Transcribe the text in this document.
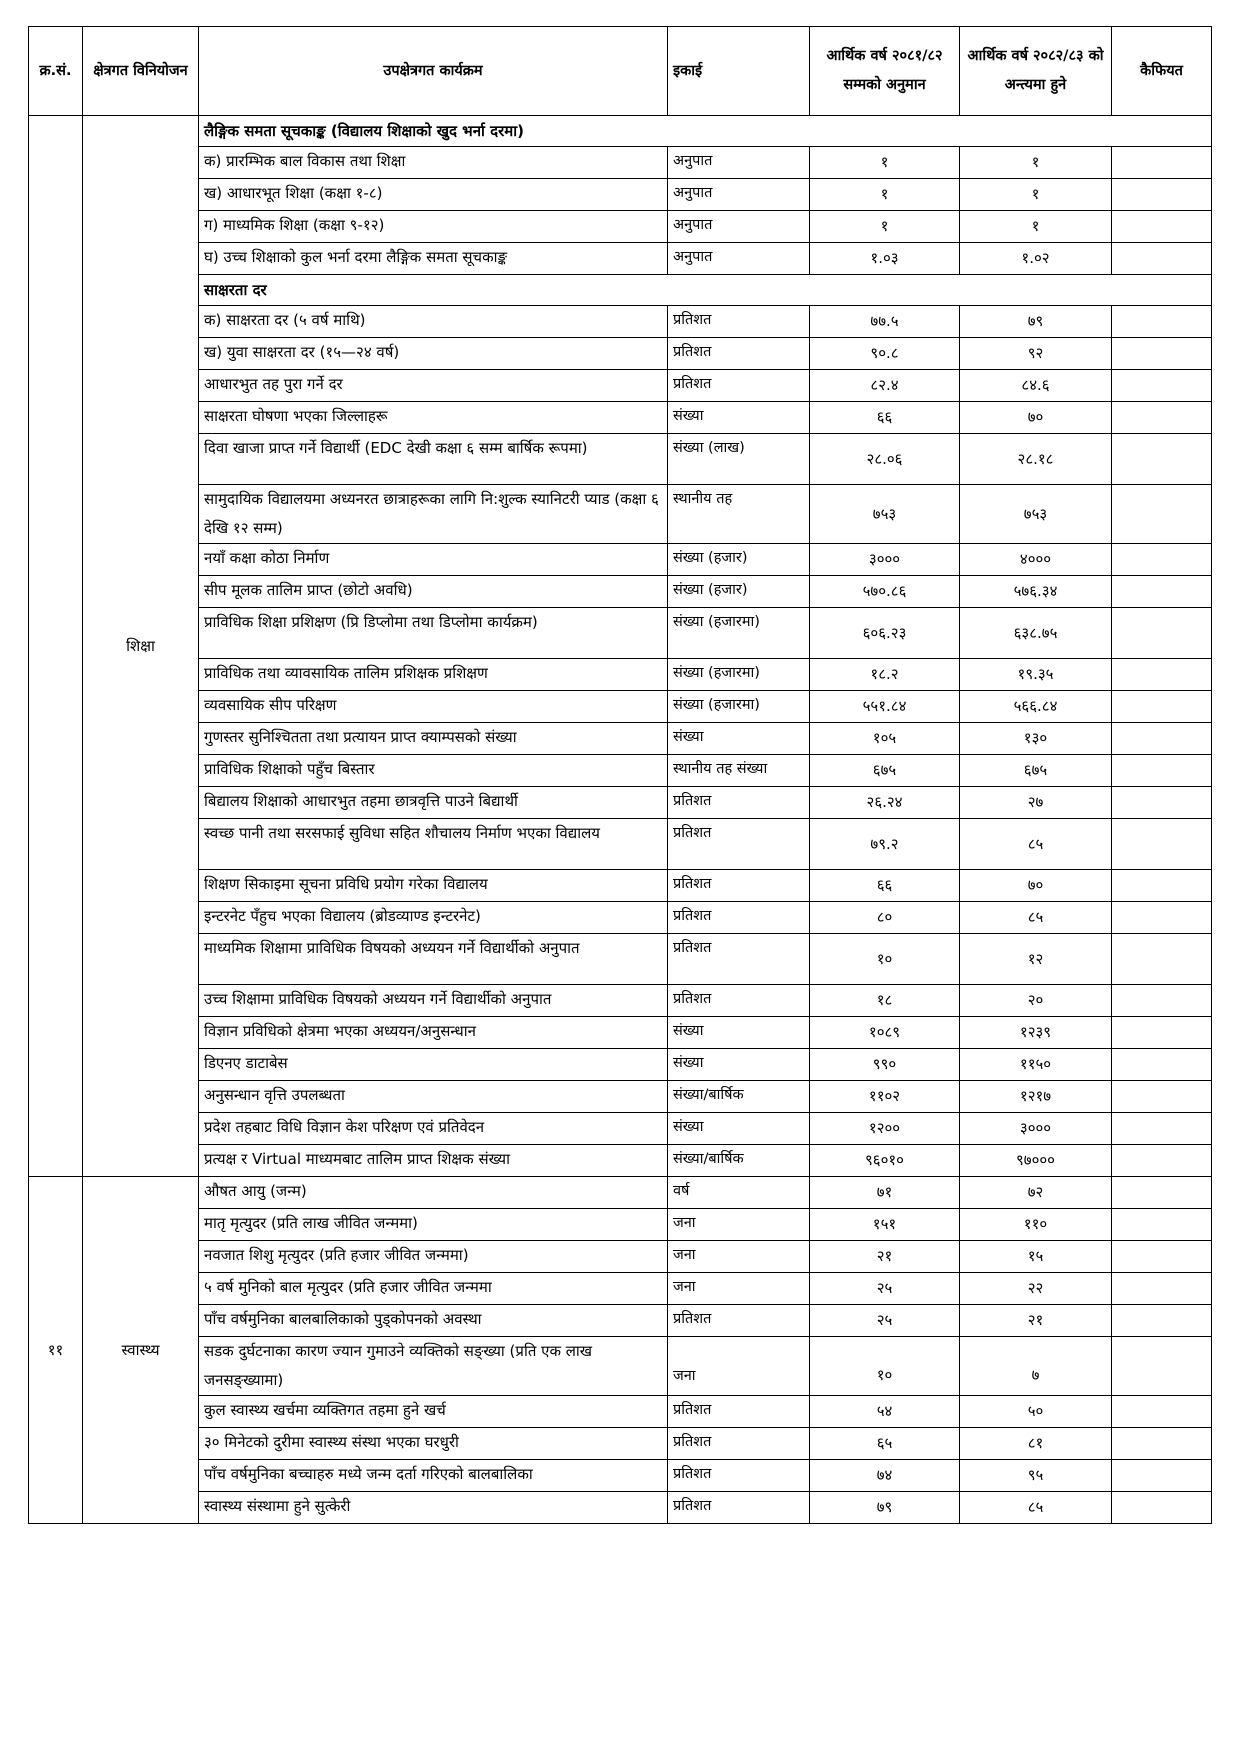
क्र.सं.	क्षेत्रगत विनियोजन	उपक्षेत्रगत कार्यक्रम	इकाई	आर्थिक वर्ष २०८१/८२ सम्मको अनुमान	आर्थिक वर्ष २०८२/८३ को अन्त्यमा हुने	कैफियत
	शिक्षा	लैङ्गिक समता सूचकाङ्क (विद्यालय शिक्षाको खुद भर्ना दरमा)				
		क) प्रारम्भिक बाल विकास तथा शिक्षा	अनुपात	१	१	
		ख) आधारभूत शिक्षा (कक्षा १-८)	अनुपात	१	१	
		ग) माध्यमिक शिक्षा (कक्षा ९-१२)	अनुपात	१	१	
		घ) उच्च शिक्षाको कुल भर्ना दरमा लैङ्गिक समता सूचकाङ्क	अनुपात	१.०३	१.०२	
		साक्षरता दर				
		क) साक्षरता दर (५ वर्ष माथि)	प्रतिशत	७७.५	७९	
		ख) युवा साक्षरता दर (१५—२४ वर्ष)	प्रतिशत	९०.८	९२	
		आधारभुत तह पुरा गर्ने दर	प्रतिशत	८२.४	८४.६	
		साक्षरता घोषणा भएका जिल्लाहरू	संख्या	६६	७०	
		दिवा खाजा प्राप्त गर्ने विद्यार्थी (EDC देखी कक्षा ६ सम्म बार्षिक रूपमा)	संख्या (लाख)	२८.०६	२८.१८	
		सामुदायिक विद्यालयमा अध्यनरत छात्राहरूका लागि नि:शुल्क स्यानिटरी प्याड (कक्षा ६ देखि १२ सम्म)	स्थानीय तह	७५३	७५३	
		नयाँ कक्षा कोठा निर्माण	संख्या (हजार)	३०००	४०००	
		सीप मूलक तालिम प्राप्त (छोटो अवधि)	संख्या (हजार)	५७०.८६	५७६.३४	
		प्राविधिक शिक्षा प्रशिक्षण (प्रि डिप्लोमा तथा डिप्लोमा कार्यक्रम)	संख्या (हजारमा)	६०६.२३	६३८.७५	
		प्राविधिक तथा व्यावसायिक तालिम प्रशिक्षक प्रशिक्षण	संख्या (हजारमा)	१८.२	१९.३५	
		व्यवसायिक सीप परिक्षण	संख्या (हजारमा)	५५१.८४	५६६.८४	
		गुणस्तर सुनिश्चितता तथा प्रत्यायन प्राप्त क्याम्पसको संख्या	संख्या	१०५	१३०	
		प्राविधिक शिक्षाको पहुँच बिस्तार	स्थानीय तह संख्या	६७५	६७५	
		बिद्यालय शिक्षाको आधारभुत तहमा छात्रवृत्ति पाउने बिद्यार्थी	प्रतिशत	२६.२४	२७	
		स्वच्छ पानी तथा सरसफाई सुविधा सहित शौचालय निर्माण भएका विद्यालय	प्रतिशत	७९.२	८५	
		शिक्षण सिकाइमा सूचना प्रविधि प्रयोग गरेका विद्यालय	प्रतिशत	६६	७०	
		इन्टरनेट पँहुच भएका विद्यालय (ब्रोडव्याण्ड इन्टरनेट)	प्रतिशत	८०	८५	
		माध्यमिक शिक्षामा प्राविधिक विषयको अध्ययन गर्ने विद्यार्थीको अनुपात	प्रतिशत	१०	१२	
		उच्च शिक्षामा प्राविधिक विषयको अध्ययन गर्ने विद्यार्थीको अनुपात	प्रतिशत	१८	२०	
		विज्ञान प्रविधिको क्षेत्रमा भएका अध्ययन/अनुसन्धान	संख्या	१०८९	१२३९	
		डिएनए डाटाबेस	संख्या	९९०	११५०	
		अनुसन्धान वृत्ति उपलब्धता	संख्या/बार्षिक	११०२	१२१७	
		प्रदेश तहबाट विधि विज्ञान केश परिक्षण एवं प्रतिवेदन	संख्या	१२००	३०००	
		प्रत्यक्ष र Virtual माध्यमबाट तालिम प्राप्त शिक्षक संख्या	संख्या/बार्षिक	९६०१०	९७०००	
११	स्वास्थ्य	औषत आयु (जन्म)	वर्ष	७१	७२	
		मातृ मृत्युदर (प्रति लाख जीवित जन्ममा)	जना	१५१	११०	
		नवजात शिशु मृत्युदर (प्रति हजार जीवित जन्ममा)	जना	२१	१५	
		५ वर्ष मुनिको बाल मृत्युदर (प्रति हजार जीवित जन्ममा	जना	२५	२२	
		पाँच वर्षमुनिका बालबालिकाको पुड्कोपनको अवस्था	प्रतिशत	२५	२१	
		सडक दुर्घटनाका कारण ज्यान गुमाउने व्यक्तिको सङ्ख्या (प्रति एक लाख जनसङ्ख्यामा)	जना	१०	७	
		कुल स्वास्थ्य खर्चमा व्यक्तिगत तहमा हुने खर्च	प्रतिशत	५४	५०	
		३० मिनेटको दुरीमा स्वास्थ्य संस्था भएका घरधुरी	प्रतिशत	६५	८१	
		पाँच वर्षमुनिका बच्चाहरु मध्ये जन्म दर्ता गरिएको बालबालिका	प्रतिशत	७४	९५	
		स्वास्थ्य संस्थामा हुने सुत्केरी	प्रतिशत	७९	८५	
